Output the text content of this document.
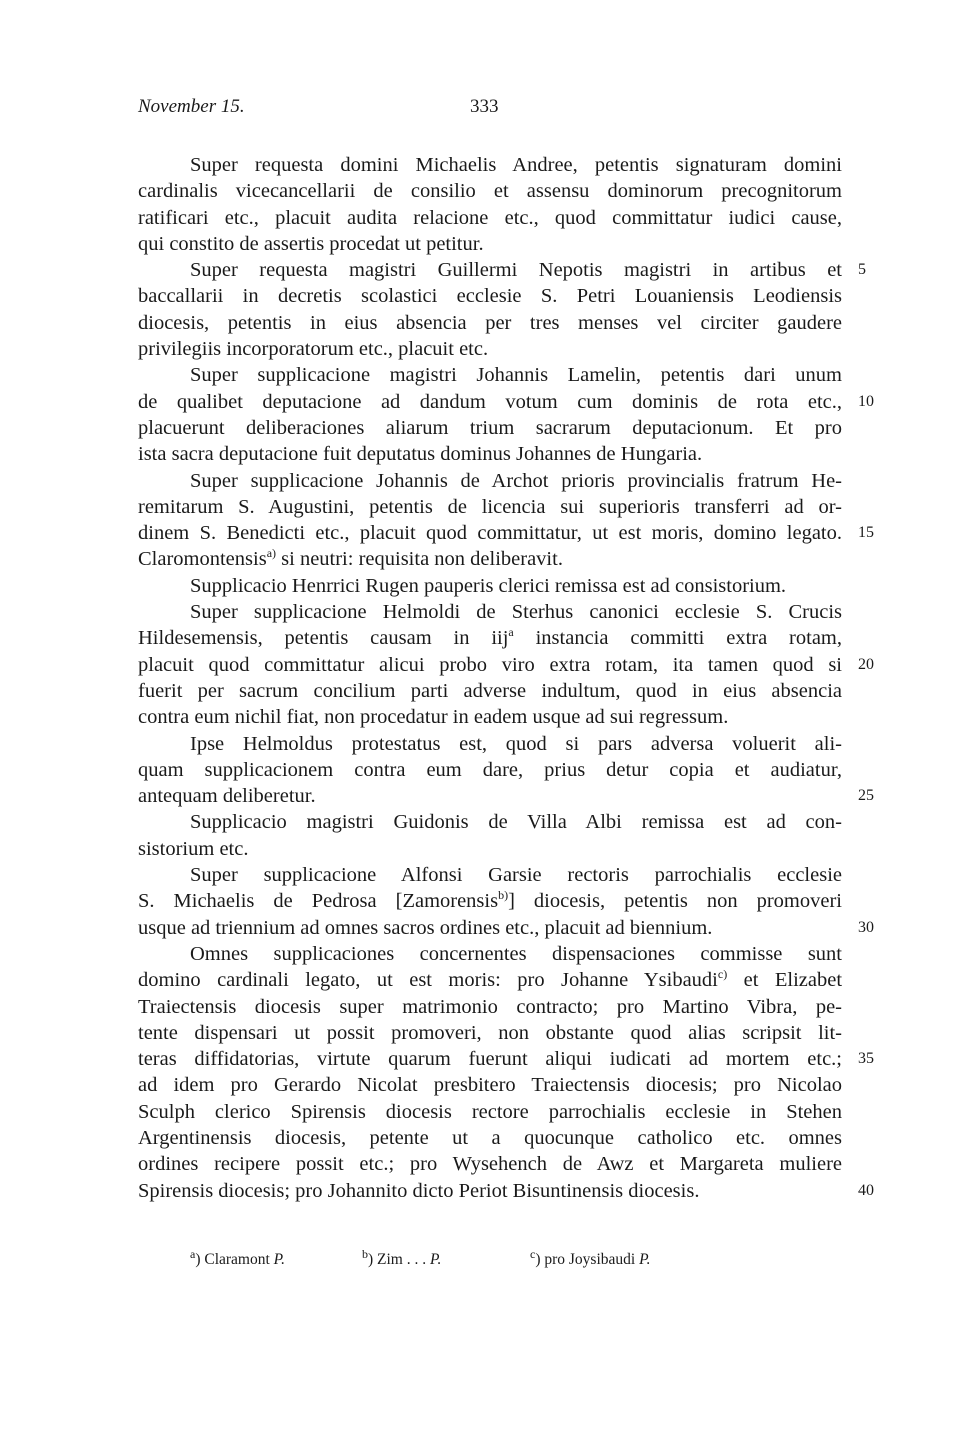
November 15.	333
Super requesta domini Michaelis Andree, petentis signaturam domini
cardinalis vicecancellarii de consilio et assensu dominorum precognitorum
ratificari etc., placuit audita relacione etc., quod committatur iudici cause,
qui constito de assertis procedat ut petitur.
Super requesta magistri Guillermi Nepotis magistri in artibus et
baccallarii in decretis scolastici ecclesie S. Petri Louaniensis Leodiensis
diocesis, petentis in eius absencia per tres menses vel circiter gaudere
privilegiis incorporatorum etc., placuit etc.
Super supplicacione magistri Johannis Lamelin, petentis dari unum
de qualibet deputacione ad dandum votum cum dominis de rota etc.,
placuerunt deliberaciones aliarum trium sacrarum deputacionum. Et pro
ista sacra deputacione fuit deputatus dominus Johannes de Hungaria.
Super supplicacione Johannis de Archot prioris provincialis fratrum He-
remitarum S. Augustini, petentis de licencia sui superioris transferri ad or-
dinem S. Benedicti etc., placuit quod committatur, ut est moris, domino legato.
Claromontensis$^{a)}$ si neutri: requisita non deliberavit.
Supplicacio Henrrici Rugen pauperis clerici remissa est ad consistorium.
Super supplicacione Helmoldi de Sterhus canonici ecclesie S. Crucis
Hildesemensis, petentis causam in iij$^a$ instancia committi extra rotam,
placuit quod committatur alicui probo viro extra rotam, ita tamen quod si
fuerit per sacrum concilium parti adverse indultum, quod in eius absencia
contra eum nichil fiat, non procedatur in eadem usque ad sui regressum.
Ipse Helmoldus protestatus est, quod si pars adversa voluerit ali-
quam supplicacionem contra eum dare, prius detur copia et audiatur,
antequam deliberetur.
Supplicacio magistri Guidonis de Villa Albi remissa est ad con-
sistorium etc.
Super supplicacione Alfonsi Garsie rectoris parrochialis ecclesie
S. Michaelis de Pedrosa [Zamorensis$^{b)}$] diocesis, petentis non promoveri
usque ad triennium ad omnes sacros ordines etc., placuit ad biennium.
Omnes supplicaciones concernentes dispensaciones commisse sunt
domino cardinali legato, ut est moris: pro Johanne Ysibaudi$^{c)}$ et Elizabet
Traiectensis diocesis super matrimonio contracto; pro Martino Vibra, pe-
tente dispensari ut possit promoveri, non obstante quod alias scripsit lit-
teras diffidatorias, virtute quarum fuerunt aliqui iudicati ad mortem etc.;
ad idem pro Gerardo Nicolat presbitero Traiectensis diocesis; pro Nicolao
Sculph clerico Spirensis diocesis rectore parrochialis ecclesie in Stehen
Argentinensis diocesis, petente ut a quocunque catholico etc. omnes
ordines recipere possit etc.; pro Wysehench de Awz et Margareta muliere
Spirensis diocesis; pro Johannito dicto Periot Bisuntinensis diocesis.
5
10
15
20
25
30
35
40
$^a$) Claramont P.	$^b$) Zim . . . P.	$^c$) pro Joysibaudi P.
